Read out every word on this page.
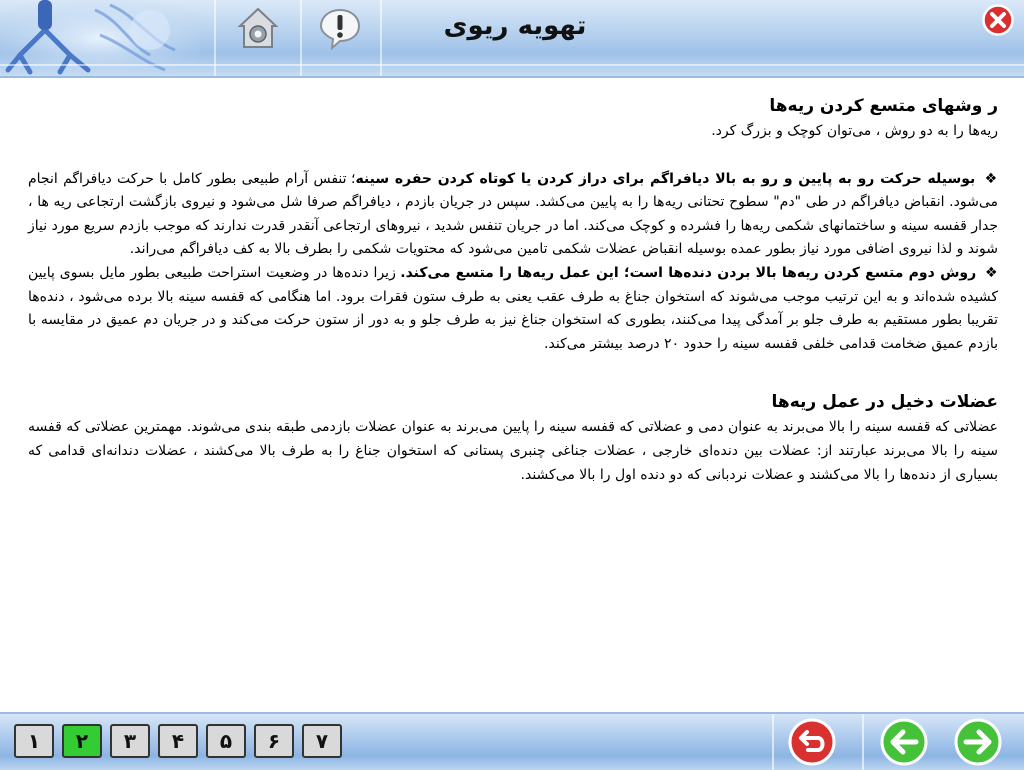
تهویه ریوی
ر وشهای متسع کردن ریه‌ها

ریه‌ها را به دو روش ، می‌توان کوچک و بزرگ کرد.

❖ بوسیله حرکت رو به پایین و رو به بالا دیافراگم برای دراز کردن یا کوتاه کردن حفره سینه؛ تنفس آرام طبیعی بطور کامل با حرکت دیافراگم انجام می‌شود. انقباض دیافراگم در طی "دم" سطوح تحتانی ریه‌ها را به پایین می‌کشد. سپس در جریان بازدم ، دیافراگم صرفا شل می‌شود و نیروی بازگشت ارتجاعی ریه ها ، جدار قفسه سینه و ساختمانهای شکمی ریه‌ها را فشرده و کوچک می‌کند. اما در جریان تنفس شدید ، نیروهای ارتجاعی آنقدر قدرت ندارند که موجب بازدم سریع مورد نیاز شوند و لذا نیروی اضافی مورد نیاز بطور عمده بوسیله انقباض عضلات شکمی تامین می‌شود که محتویات شکمی را بطرف بالا به کف دیافراگم می‌راند.

❖ روش دوم متسع کردن ریه‌ها بالا بردن دنده‌ها است؛ این عمل ریه‌ها را متسع می‌کند. زیرا دنده‌ها در وضعیت استراحت طبیعی بطور مایل بسوی پایین کشیده شده‌اند و به این ترتیب موجب می‌شوند که استخوان جناغ به طرف عقب یعنی به طرف ستون فقرات برود. اما هنگامی که قفسه سینه بالا برده می‌شود ، دنده‌ها تقریبا بطور مستقیم به طرف جلو بر آمدگی پیدا می‌کنند، بطوری که استخوان جناغ نیز به طرف جلو و به دور از ستون حرکت می‌کند و در جریان دم عمیق در مقایسه با بازدم عمیق ضخامت قدامی خلفی قفسه سینه را حدود ۲۰ درصد بیشتر می‌کند.

عضلات دخیل در عمل ریه‌ها

عضلاتی که قفسه سینه را بالا می‌برند به عنوان دمی و عضلاتی که قفسه سینه را پایین می‌برند به عنوان عضلات بازدمی طبقه بندی می‌شوند. مهمترین عضلاتی که قفسه سینه را بالا می‌برند عبارتند از: عضلات بین دنده‌ای خارجی ، عضلات جناغی چنبری پستانی که استخوان جناغ را به طرف بالا می‌کشند ، عضلات دندانه‌ای قدامی که بسیاری از دنده‌ها را بالا می‌کشند و عضلات نردبانی که دو دنده اول را بالا می‌کشند.

۱	۲	۳	۴	۵	۶	۷
